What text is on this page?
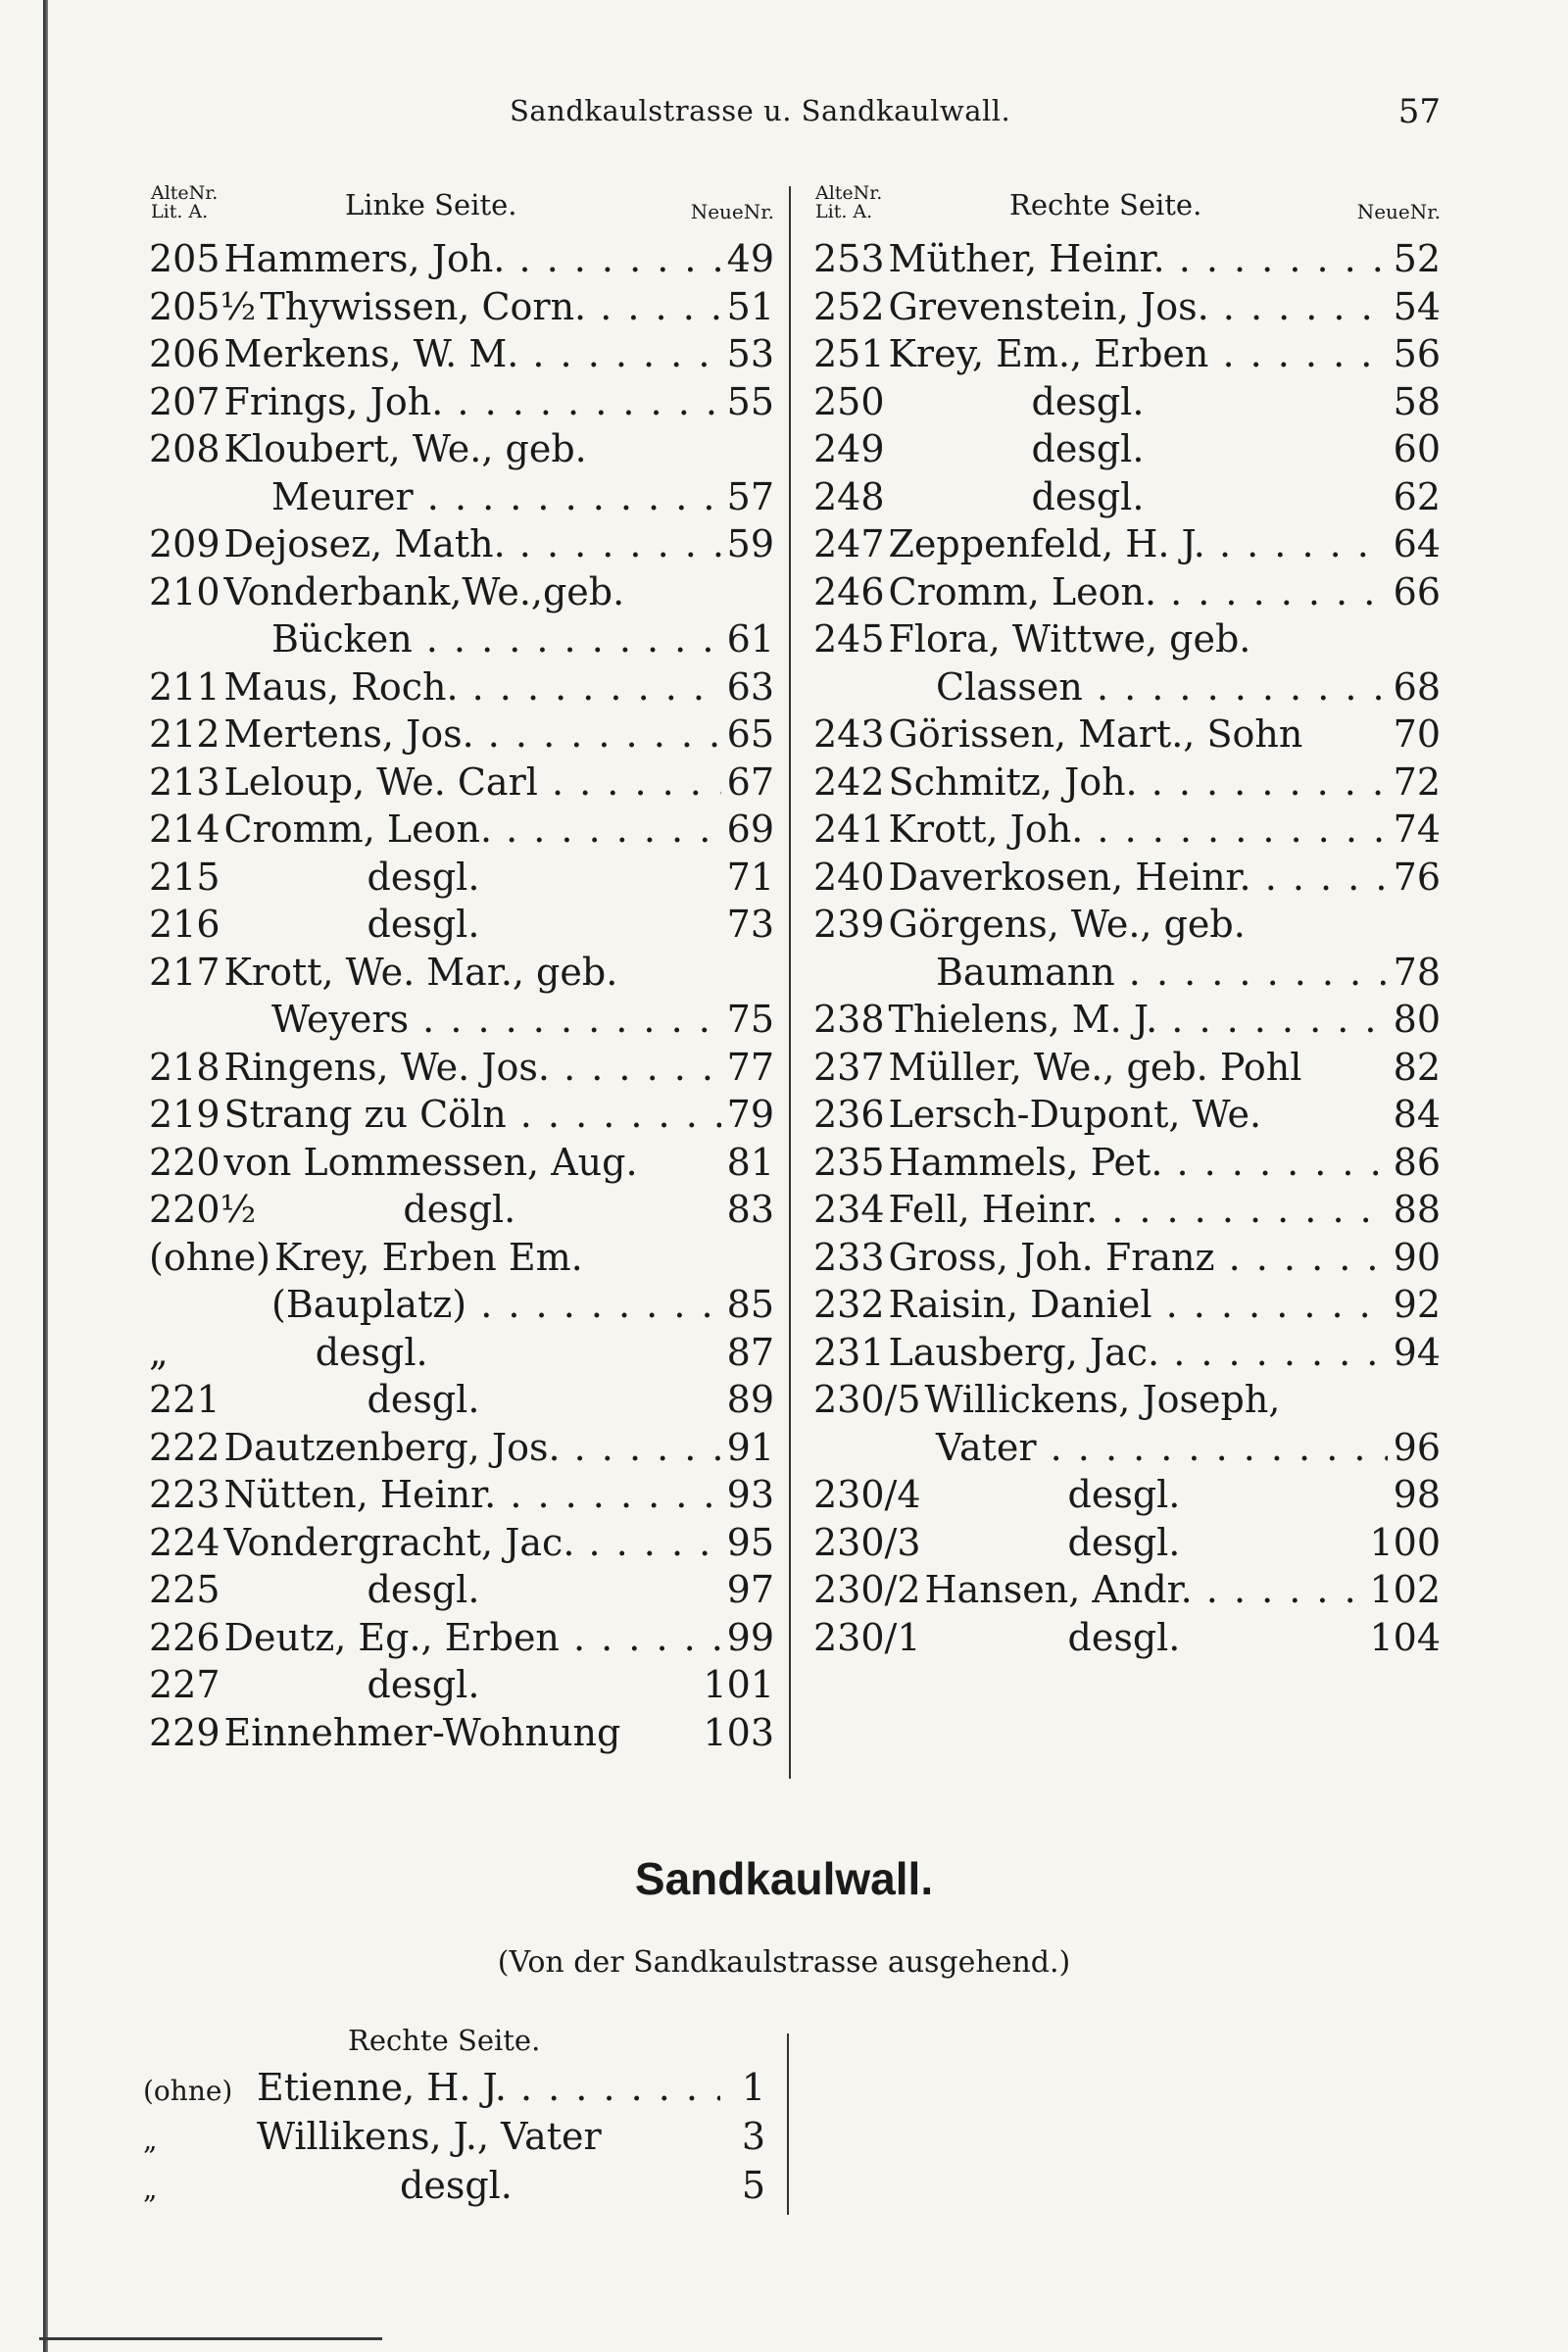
Sandkaulstrasse u. Sandkaulwall.	57
AlteNr.
Lit. A.	Linke Seite.	NeueNr.
205 Hammers, Joh. . . .	49
205½ Thywissen, Corn. . . .	51
206 Merkens, W. M. . . .	53
207 Frings, Joh. . . .	55
208 Kloubert, We., geb.
Meurer . . .	57
209 Dejosez, Math. . . .	59
210 Vonderbank,We.,geb.
Bücken . . .	61
211 Maus, Roch. . . .	63
212 Mertens, Jos. . . .	65
213 Leloup, We. Carl . . .	67
214 Cromm, Leon. . . .	69
215	desgl.	71
216	desgl.	73
217 Krott, We. Mar., geb.
Weyers . . .	75
218 Ringens, We. Jos. . . .	77
219 Strang zu Cöln . . .	79
220 von Lommessen, Aug.	81
220½	desgl.	83
(ohne) Krey, Erben Em.
(Bauplatz) . . .	85
„	desgl.	87
221	desgl.	89
222 Dautzenberg, Jos. . . .	91
223 Nütten, Heinr. . . .	93
224 Vondergracht, Jac. . . .	95
225	desgl.	97
226 Deutz, Eg., Erben . . .	99
227	desgl.	101
229 Einnehmer-Wohnung	103
AlteNr.
Lit. A.	Rechte Seite.	NeueNr.
253 Müther, Heinr. . . .	52
252 Grevenstein, Jos. . . .	54
251 Krey, Em., Erben . . .	56
250	desgl.	58
249	desgl.	60
248	desgl.	62
247 Zeppenfeld, H. J. . . .	64
246 Cromm, Leon. . . .	66
245 Flora, Wittwe, geb.
Classen . . .	68
243 Görissen, Mart., Sohn	70
242 Schmitz, Joh. . . .	72
241 Krott, Joh. . . .	74
240 Daverkosen, Heinr. . . .	76
239 Görgens, We., geb.
Baumann . . .	78
238 Thielens, M. J. . . .	80
237 Müller, We., geb. Pohl	82
236 Lersch-Dupont, We.	84
235 Hammels, Pet. . . .	86
234 Fell, Heinr. . . .	88
233 Gross, Joh. Franz . . .	90
232 Raisin, Daniel . . .	92
231 Lausberg, Jac. . . .	94
230/5 Willickens, Joseph,
Vater . . .	96
230/4	desgl.	98
230/3	desgl.	100
230/2 Hansen, Andr. . . .	102
230/1	desgl.	104
Sandkaulwall.
(Von der Sandkaulstrasse ausgehend.)
Rechte Seite.
(ohne) Etienne, H. J. . . .	1
„	Willikens, J., Vater	3
„	desgl.	5
